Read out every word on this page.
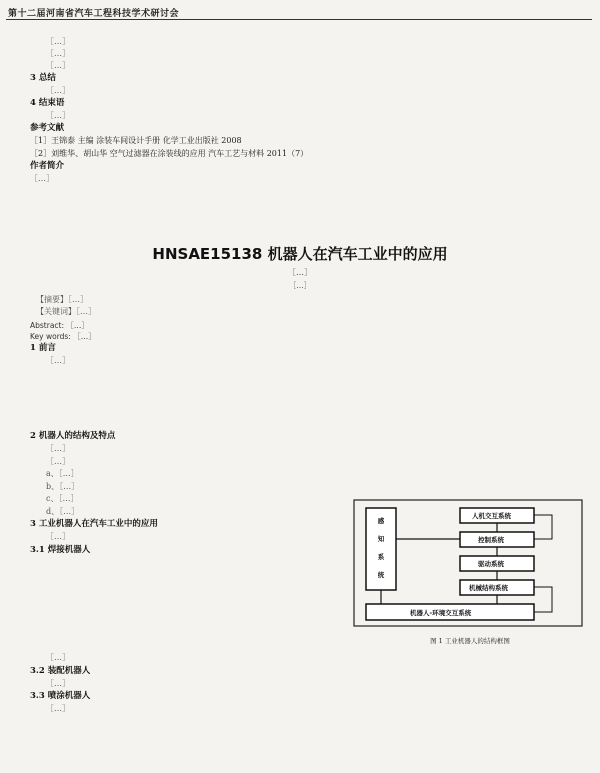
第十二届河南省汽车工程科技学术研讨会

［…］

［…］

［…］

3 总结

［…］

4 结束语

［…］

参考文献

［1］王锦泰 主编 涂装车间设计手册 化学工业出版社 2008

［2］刘维华、胡山华 空气过滤器在涂装线的应用 汽车工艺与材料 2011（7）

作者简介

［…］

HNSAE15138 机器人在汽车工业中的应用
［…］
［…］

【摘要】［…］

【关键词】［…］

Abstract: ［…］

Key words: ［…］

1 前言

［…］

2 机器人的结构及特点

［…］

［…］

a、［…］

b、［…］

c、［…］

d、［…］

3 工业机器人在汽车工业中的应用

［…］

3.1 焊接机器人

［…］

3.2 装配机器人

［…］

3.3 喷涂机器人

［…］

感知系统
人机交互系统
控制系统
驱动系统
机械结构系统
机器人-环境交互系统
图 1 工业机器人的结构框图
